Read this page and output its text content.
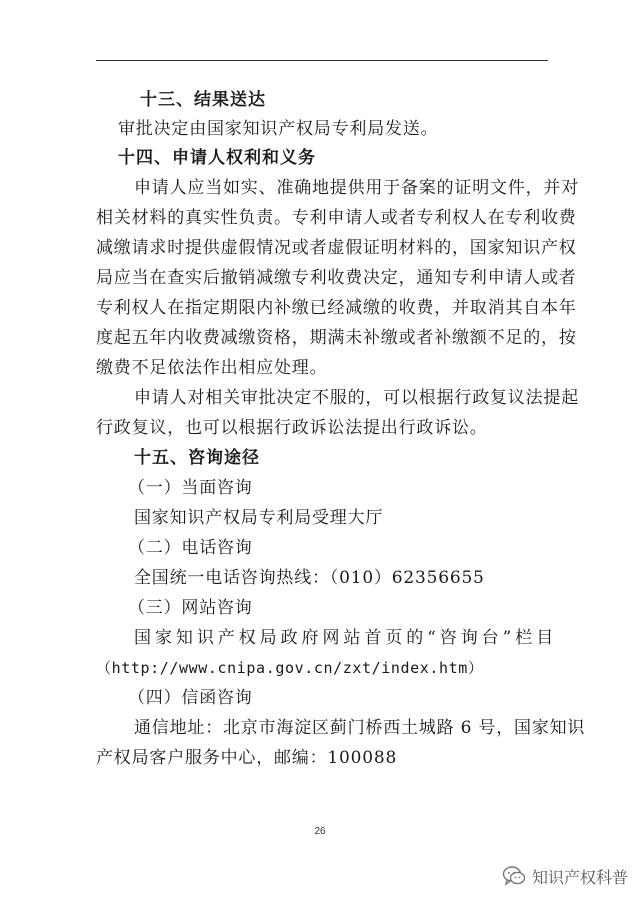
十三、结果送达

审批决定由国家知识产权局专利局发送。

十四、申请人权利和义务

申请人应当如实、准确地提供用于备案的证明文件，并对

相关材料的真实性负责。专利申请人或者专利权人在专利收费

减缴请求时提供虚假情况或者虚假证明材料的，国家知识产权

局应当在查实后撤销减缴专利收费决定，通知专利申请人或者

专利权人在指定期限内补缴已经减缴的收费，并取消其自本年

度起五年内收费减缴资格，期满未补缴或者补缴额不足的，按

缴费不足依法作出相应处理。

申请人对相关审批决定不服的，可以根据行政复议法提起

行政复议，也可以根据行政诉讼法提出行政诉讼。

十五、咨询途径

（一）当面咨询

国家知识产权局专利局受理大厅

（二）电话咨询

全国统一电话咨询热线：（010）62356655

（三）网站咨询

国家知识产权局政府网站首页的“咨询台”栏目

（http://www.cnipa.gov.cn/zxt/index.htm）

（四）信函咨询

通信地址：北京市海淀区蓟门桥西土城路 6 号，国家知识

产权局客户服务中心，邮编：100088

26
知识产权科普
